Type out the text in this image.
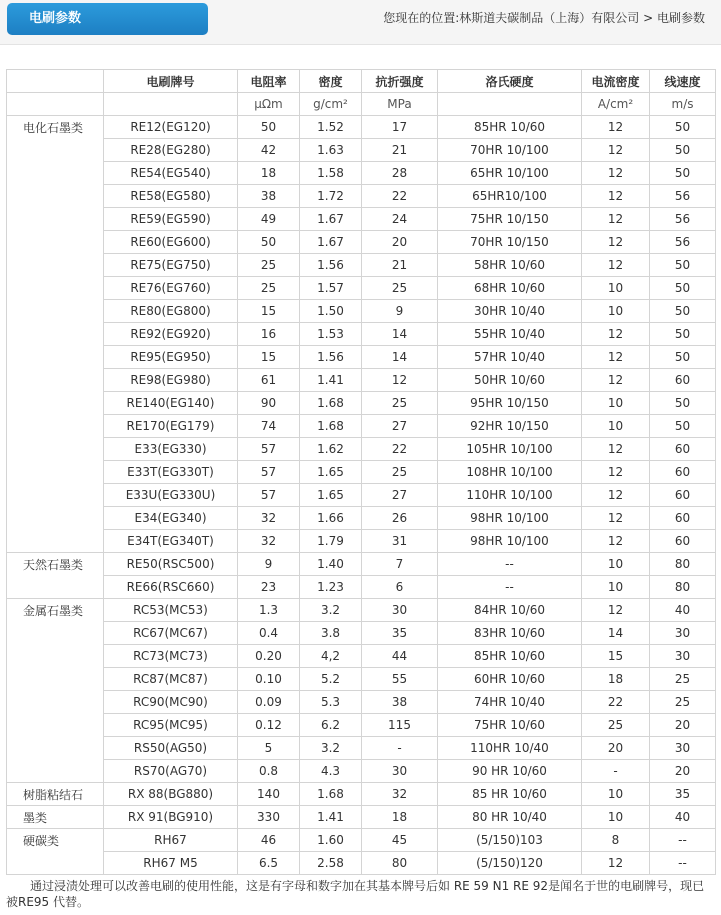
电刷参数	您现在的位置:林斯道夫碳制品（上海）有限公司 > 电刷参数
	电刷牌号	电阻率	密度	抗折强度	洛氏硬度	电流密度	线速度
		μΩm	g/cm²	MPa		A/cm²	m/s
电化石墨类	RE12(EG120)	50	1.52	17	85HR 10/60	12	50
	RE28(EG280)	42	1.63	21	70HR 10/100	12	50
	RE54(EG540)	18	1.58	28	65HR 10/100	12	50
	RE58(EG580)	38	1.72	22	65HR10/100	12	56
	RE59(EG590)	49	1.67	24	75HR 10/150	12	56
	RE60(EG600)	50	1.67	20	70HR 10/150	12	56
	RE75(EG750)	25	1.56	21	58HR 10/60	12	50
	RE76(EG760)	25	1.57	25	68HR 10/60	10	50
	RE80(EG800)	15	1.50	9	30HR 10/40	10	50
	RE92(EG920)	16	1.53	14	55HR 10/40	12	50
	RE95(EG950)	15	1.56	14	57HR 10/40	12	50
	RE98(EG980)	61	1.41	12	50HR 10/60	12	60
	RE140(EG140)	90	1.68	25	95HR 10/150	10	50
	RE170(EG179)	74	1.68	27	92HR 10/150	10	50
	E33(EG330)	57	1.62	22	105HR 10/100	12	60
	E33T(EG330T)	57	1.65	25	108HR 10/100	12	60
	E33U(EG330U)	57	1.65	27	110HR 10/100	12	60
	E34(EG340)	32	1.66	26	98HR 10/100	12	60
	E34T(EG340T)	32	1.79	31	98HR 10/100	12	60
天然石墨类	RE50(RSC500)	9	1.40	7	--	10	80
	RE66(RSC660)	23	1.23	6	--	10	80
金属石墨类	RC53(MC53)	1.3	3.2	30	84HR 10/60	12	40
	RC67(MC67)	0.4	3.8	35	83HR 10/60	14	30
	RC73(MC73)	0.20	4,2	44	85HR 10/60	15	30
	RC87(MC87)	0.10	5.2	55	60HR 10/60	18	25
	RC90(MC90)	0.09	5.3	38	74HR 10/40	22	25
	RC95(MC95)	0.12	6.2	115	75HR 10/60	25	20
	RS50(AG50)	5	3.2	-	110HR 10/40	20	30
	RS70(AG70)	0.8	4.3	30	90 HR 10/60	-	20
树脂粘结石	RX 88(BG880)	140	1.68	32	85 HR 10/60	10	35
墨类	RX 91(BG910)	330	1.41	18	80 HR 10/40	10	40
硬碳类	RH67	46	1.60	45	(5/150)103	8	--
	RH67 M5	6.5	2.58	80	(5/150)120	12	--

通过浸渍处理可以改善电刷的使用性能，这是有字母和数字加在其基本牌号后如 RE 59 N1 RE 92是闻名于世的电刷牌号，现已被RE95 代替。
